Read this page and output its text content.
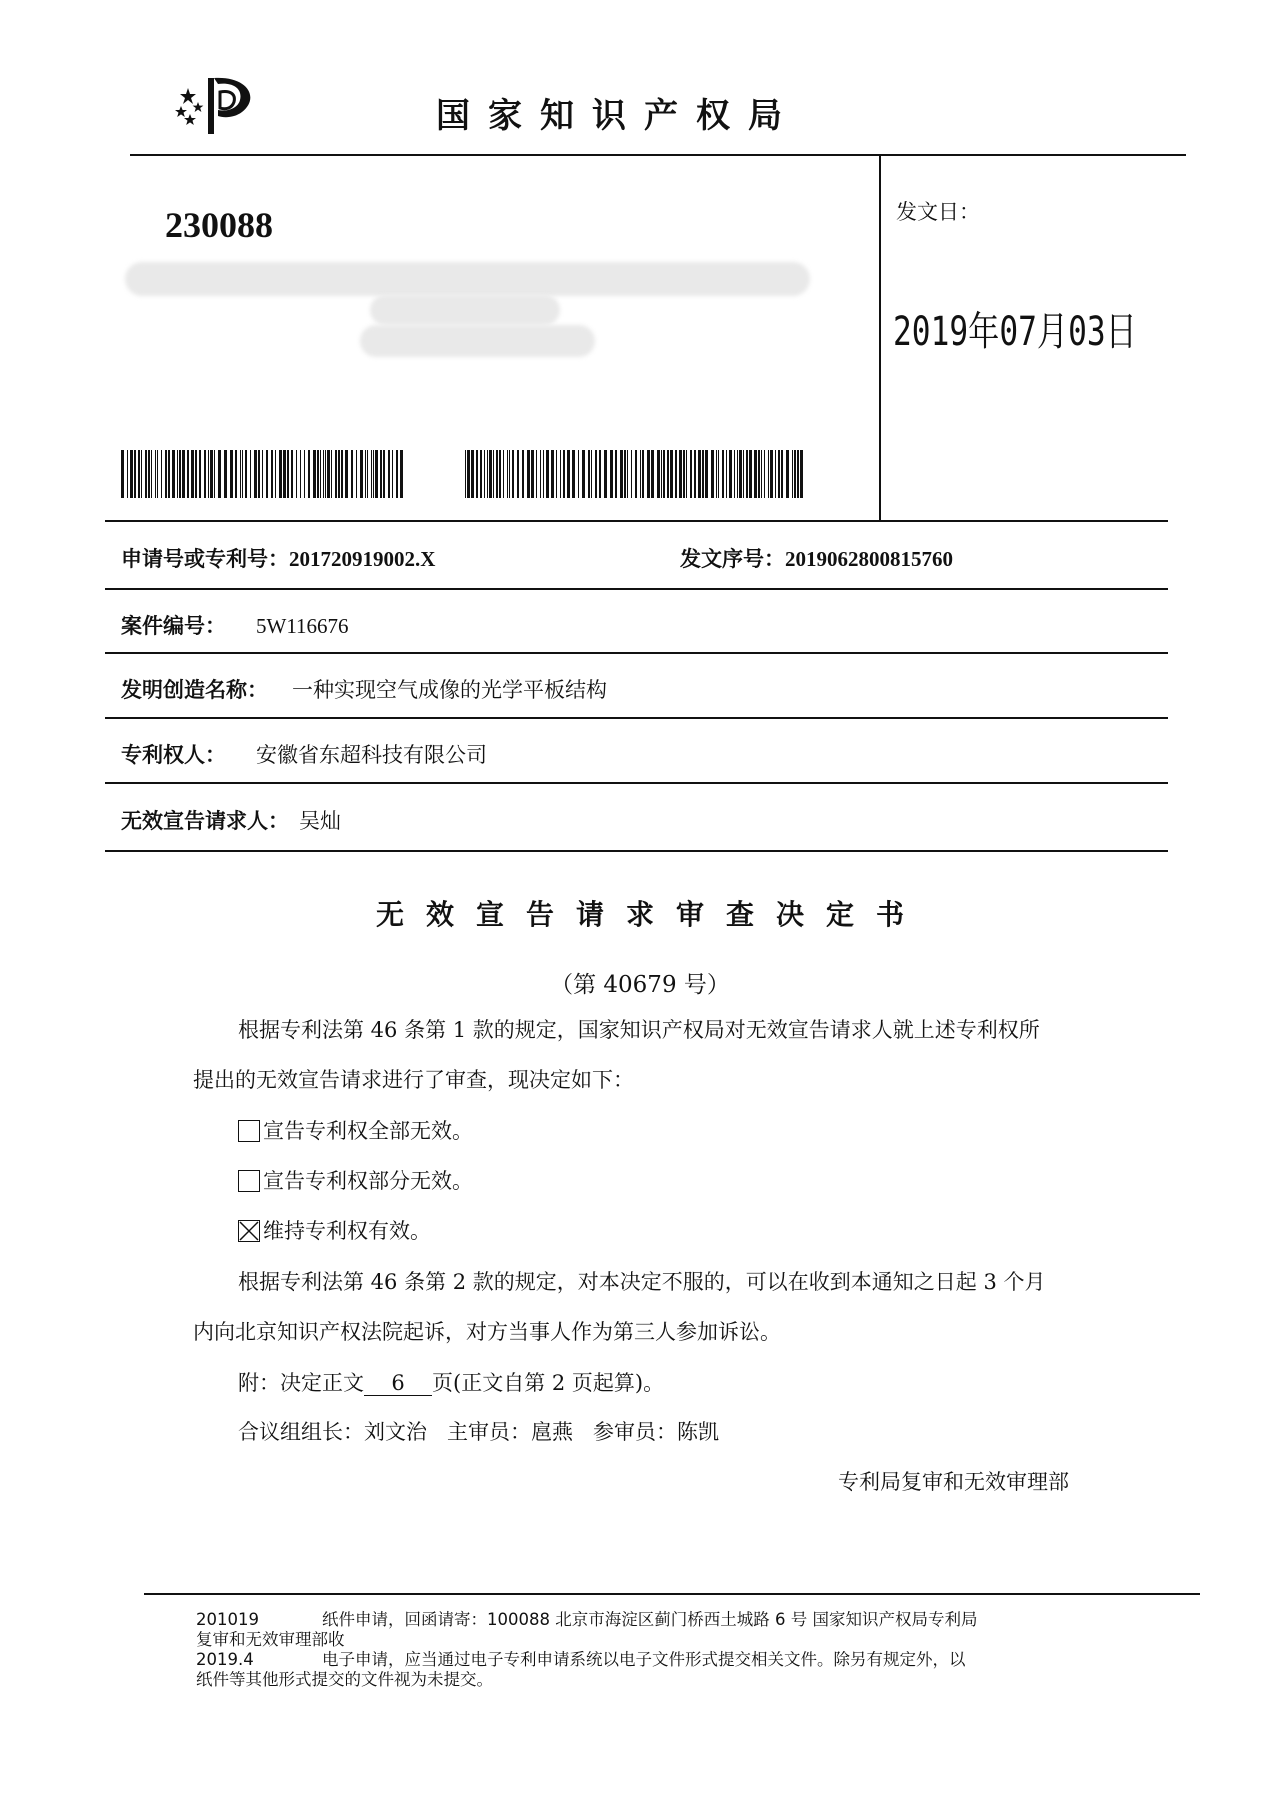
国家知识产权局
230088	发文日：
2019年07月03日
申请号或专利号：201720919002.X	发文序号：2019062800815760
案件编号： 5W116676
发明创造名称： 一种实现空气成像的光学平板结构
专利权人： 安徽省东超科技有限公司
无效宣告请求人： 吴灿
无效宣告请求审查决定书
（第 40679 号）
根据专利法第 46 条第 1 款的规定，国家知识产权局对无效宣告请求人就上述专利权所
提出的无效宣告请求进行了审查，现决定如下：
宣告专利权全部无效。
宣告专利权部分无效。
维持专利权有效。
根据专利法第 46 条第 2 款的规定，对本决定不服的，可以在收到本通知之日起 3 个月
内向北京知识产权法院起诉，对方当事人作为第三人参加诉讼。
附：决定正文 6 页(正文自第 2 页起算)。
合议组组长：刘文治   主审员：扈燕   参审员：陈凯
专利局复审和无效审理部
201019	纸件申请，回函请寄：100088 北京市海淀区蓟门桥西土城路 6 号 国家知识产权局专利局
复审和无效审理部收
2019.4	电子申请，应当通过电子专利申请系统以电子文件形式提交相关文件。除另有规定外，以
纸件等其他形式提交的文件视为未提交。
